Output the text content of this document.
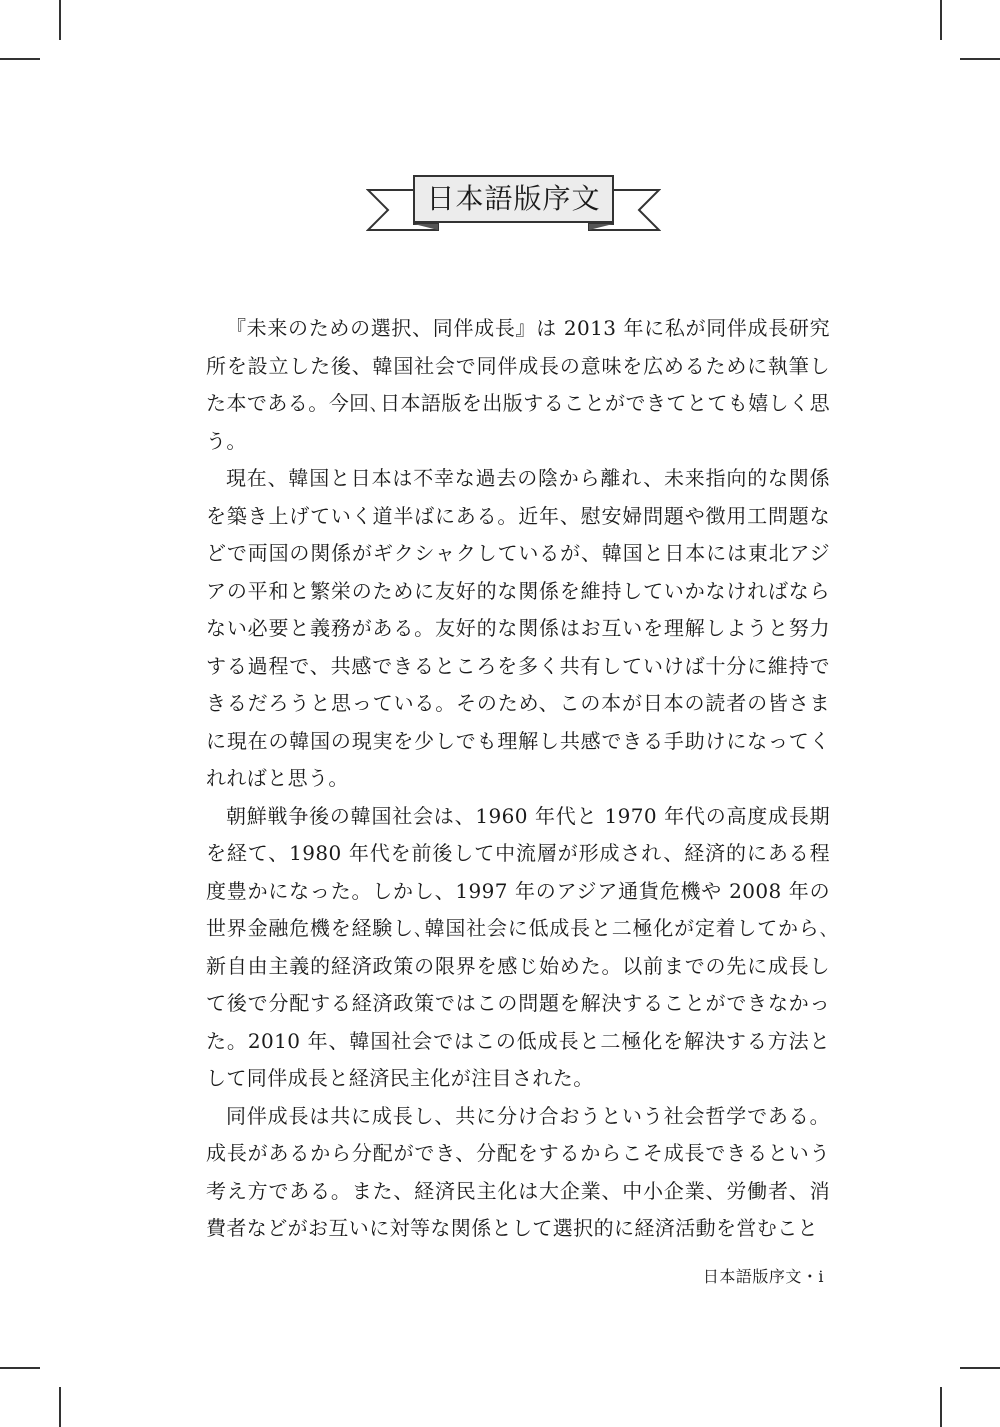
日本語版序文

『未来のための選択、同伴成長』は 2013 年に私が同伴成長研究所を設立した後、韓国社会で同伴成長の意味を広めるために執筆した本である。今回､日本語版を出版することができてとても嬉しく思う。

現在、韓国と日本は不幸な過去の陰から離れ、未来指向的な関係を築き上げていく道半ばにある。近年、慰安婦問題や徴用工問題などで両国の関係がギクシャクしているが、韓国と日本には東北アジアの平和と繁栄のために友好的な関係を維持していかなければならない必要と義務がある。友好的な関係はお互いを理解しようと努力する過程で、共感できるところを多く共有していけば十分に維持できるだろうと思っている。そのため、この本が日本の読者の皆さまに現在の韓国の現実を少しでも理解し共感できる手助けになってくれればと思う。

朝鮮戦争後の韓国社会は、1960 年代と 1970 年代の高度成長期を経て、1980 年代を前後して中流層が形成され、経済的にある程度豊かになった。しかし、1997 年のアジア通貨危機や 2008 年の世界金融危機を経験し､韓国社会に低成長と二極化が定着してから､新自由主義的経済政策の限界を感じ始めた。以前までの先に成長して後で分配する経済政策ではこの問題を解決することができなかった。2010 年、韓国社会ではこの低成長と二極化を解決する方法として同伴成長と経済民主化が注目された。

同伴成長は共に成長し、共に分け合おうという社会哲学である。成長があるから分配ができ、分配をするからこそ成長できるという考え方である。また、経済民主化は大企業、中小企業、労働者、消費者などがお互いに対等な関係として選択的に経済活動を営むこと

日本語版序文・i
